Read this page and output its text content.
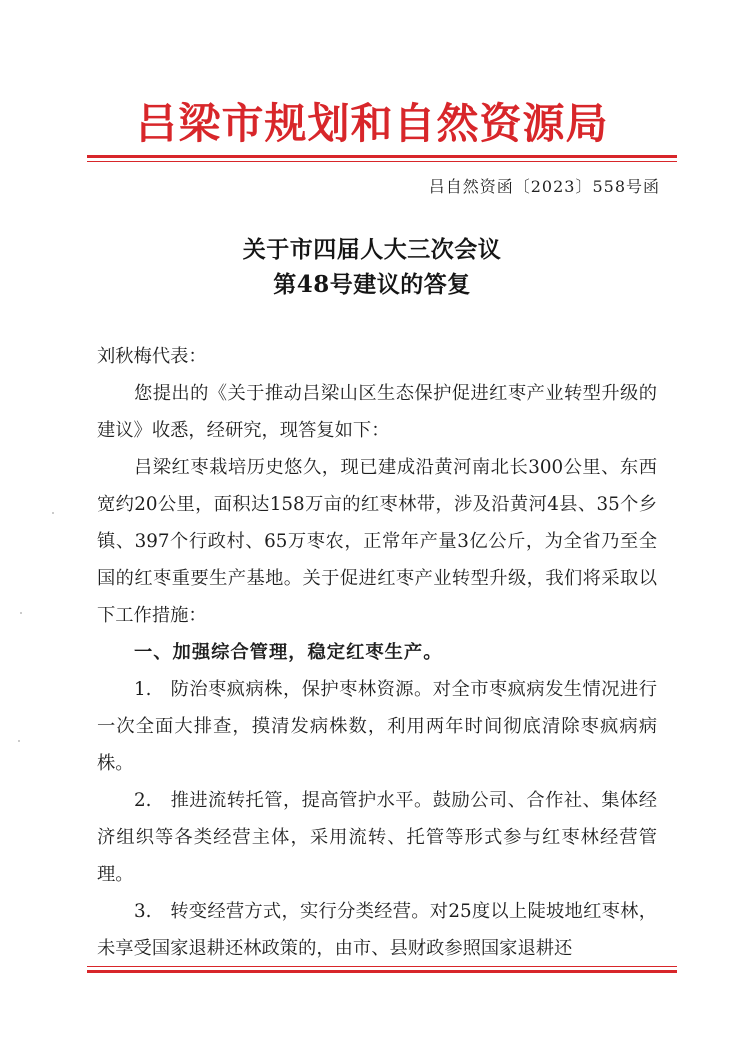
吕梁市规划和自然资源局
吕自然资函〔2023〕558号函
关于市四届人大三次会议
第48号建议的答复

刘秋梅代表：

您提出的《关于推动吕梁山区生态保护促进红枣产业转型升级的建议》收悉，经研究，现答复如下：

吕梁红枣栽培历史悠久，现已建成沿黄河南北长300公里、东西宽约20公里，面积达158万亩的红枣林带，涉及沿黄河4县、35个乡镇、397个行政村、65万枣农，正常年产量3亿公斤，为全省乃至全国的红枣重要生产基地。关于促进红枣产业转型升级，我们将采取以下工作措施：

一、加强综合管理，稳定红枣生产。

1.　防治枣疯病株，保护枣林资源。对全市枣疯病发生情况进行一次全面大排查，摸清发病株数，利用两年时间彻底清除枣疯病病株。

2.　推进流转托管，提高管护水平。鼓励公司、合作社、集体经济组织等各类经营主体，采用流转、托管等形式参与红枣林经营管理。

3.　转变经营方式，实行分类经营。对25度以上陡坡地红枣林，未享受国家退耕还林政策的，由市、县财政参照国家退耕还
